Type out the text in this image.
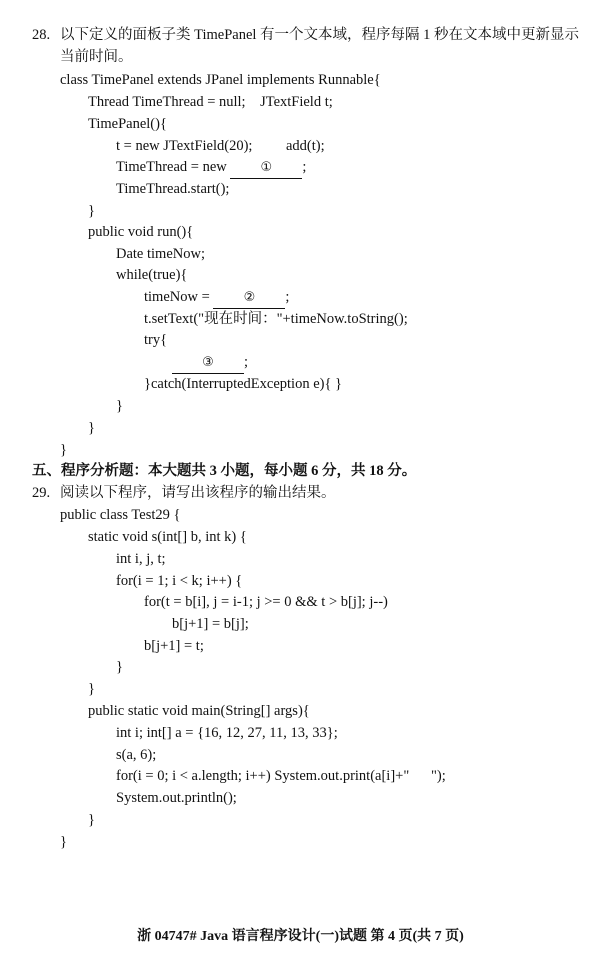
28. 以下定义的面板子类 TimePanel 有一个文本域，程序每隔 1 秒在文本域中更新显示
当前时间。
class TimePanel extends JPanel implements Runnable{
Thread TimeThread = null;    JTextField t;
TimePanel(){
t = new JTextField(20); add(t);
TimeThread = new ① ;
TimeThread.start();
}
public void run(){
Date timeNow;
while(true){
timeNow = ② ;
t.setText("现在时间："+timeNow.toString();
try{
③ ;
}catch(InterruptedException e){ }
}
}
}
五、程序分析题：本大题共 3 小题，每小题 6 分，共 18 分。
29. 阅读以下程序，请写出该程序的输出结果。
public class Test29 {
static void s(int[] b, int k) {
int i, j, t;
for(i = 1; i < k; i++) {
for(t = b[i], j = i-1; j >= 0 && t > b[j]; j--)
b[j+1] = b[j];
b[j+1] = t;
}
}
public static void main(String[] args){
int i; int[] a = {16, 12, 27, 11, 13, 33};
s(a, 6);
for(i = 0; i < a.length; i++) System.out.print(a[i]+"      ");
System.out.println();
}
}
浙 04747# Java 语言程序设计(一)试题 第 4 页(共 7 页)
